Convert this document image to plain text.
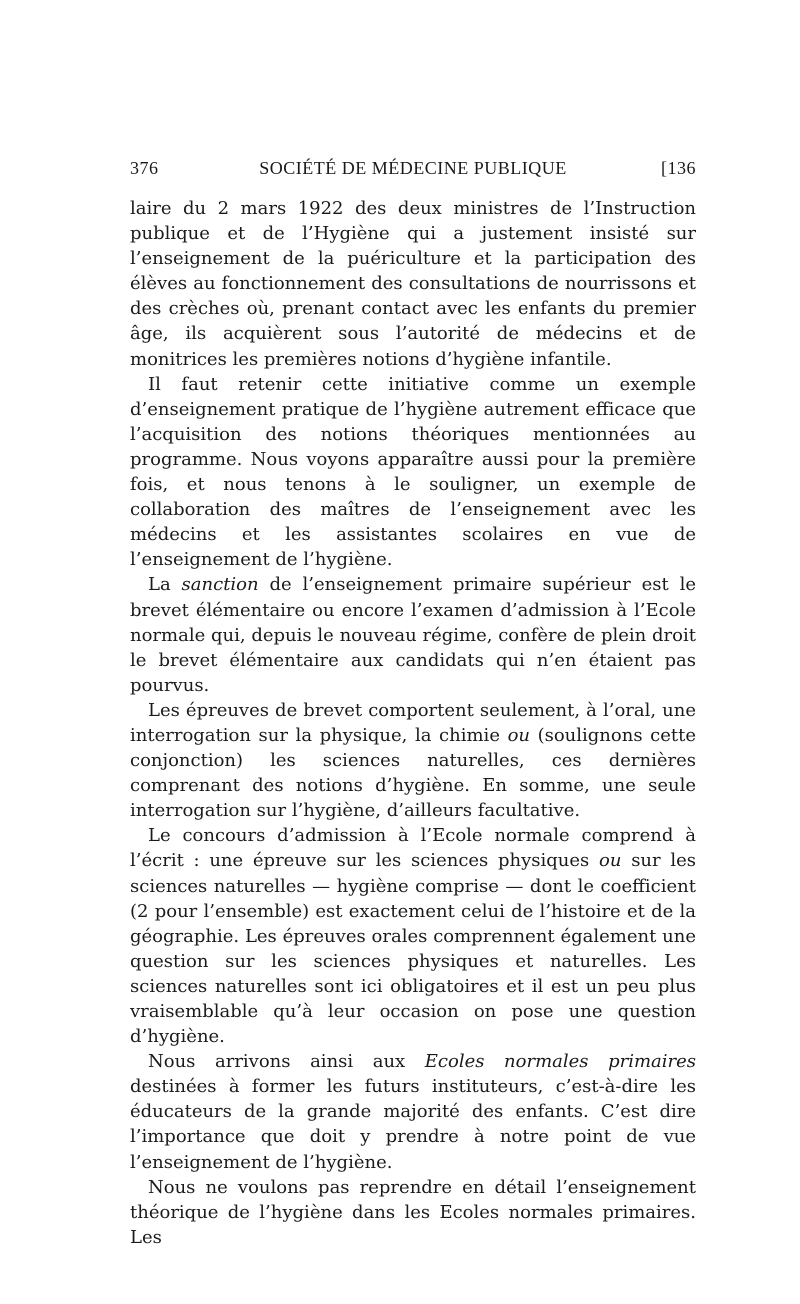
376	SOCIÉTÉ DE MÉDECINE PUBLIQUE	[136

laire du 2 mars 1922 des deux ministres de l’Instruction publique et de l’Hygiène qui a justement insisté sur l’enseignement de la puériculture et la participation des élèves au fonctionnement des consultations de nourrissons et des crèches où, prenant contact avec les enfants du premier âge, ils acquièrent sous l’autorité de médecins et de monitrices les premières notions d’hygiène infantile.

Il faut retenir cette initiative comme un exemple d’enseignement pratique de l’hygiène autrement efficace que l’acquisition des notions théoriques mentionnées au programme. Nous voyons apparaître aussi pour la première fois, et nous tenons à le souligner, un exemple de collaboration des maîtres de l’enseignement avec les médecins et les assistantes scolaires en vue de l’enseignement de l’hygiène.

La sanction de l’enseignement primaire supérieur est le brevet élémentaire ou encore l’examen d’admission à l’Ecole normale qui, depuis le nouveau régime, confère de plein droit le brevet élémentaire aux candidats qui n’en étaient pas pourvus.

Les épreuves de brevet comportent seulement, à l’oral, une interrogation sur la physique, la chimie ou (soulignons cette conjonction) les sciences naturelles, ces dernières comprenant des notions d’hygiène. En somme, une seule interrogation sur l’hygiène, d’ailleurs facultative.

Le concours d’admission à l’Ecole normale comprend à l’écrit : une épreuve sur les sciences physiques ou sur les sciences naturelles — hygiène comprise — dont le coefficient (2 pour l’ensemble) est exactement celui de l’histoire et de la géographie. Les épreuves orales comprennent également une question sur les sciences physiques et naturelles. Les sciences naturelles sont ici obligatoires et il est un peu plus vraisemblable qu’à leur occasion on pose une question d’hygiène.

Nous arrivons ainsi aux Ecoles normales primaires destinées à former les futurs instituteurs, c’est-à-dire les éducateurs de la grande majorité des enfants. C’est dire l’importance que doit y prendre à notre point de vue l’enseignement de l’hygiène.

Nous ne voulons pas reprendre en détail l’enseignement théorique de l’hygiène dans les Ecoles normales primaires. Les
